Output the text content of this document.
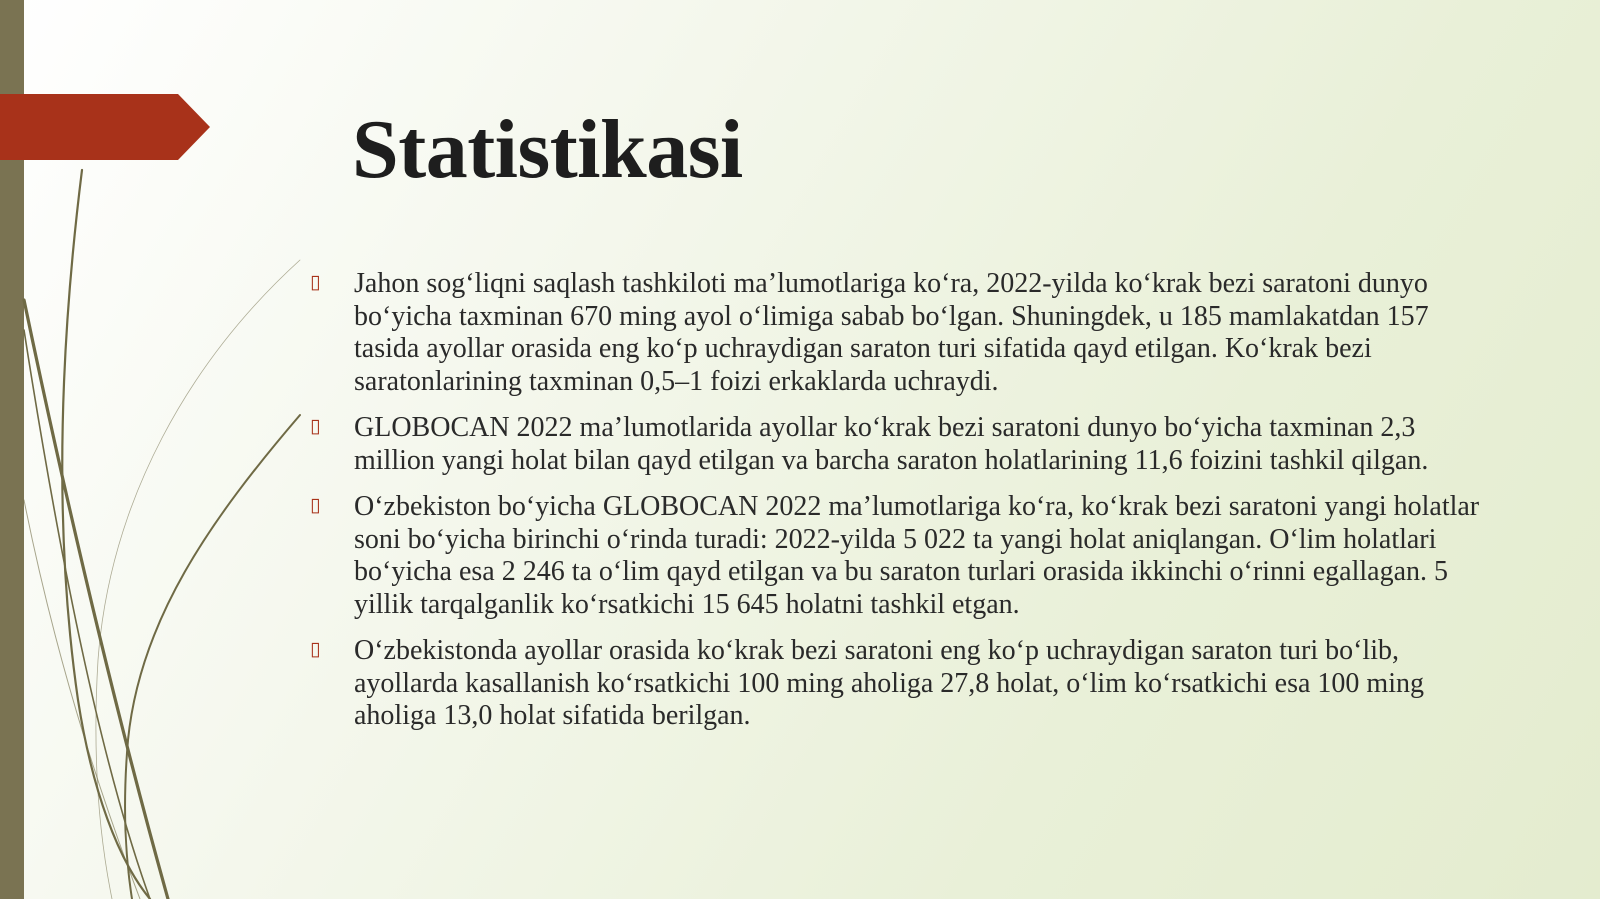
Statistikasi
▯ Jahon sog‘liqni saqlash tashkiloti ma’lumotlariga ko‘ra, 2022-yilda ko‘krak bezi saratoni dunyo bo‘yicha taxminan 670 ming ayol o‘limiga sabab bo‘lgan. Shuningdek, u 185 mamlakatdan 157 tasida ayollar orasida eng ko‘p uchraydigan saraton turi sifatida qayd etilgan. Ko‘krak bezi saratonlarining taxminan 0,5–1 foizi erkaklarda uchraydi.
▯ GLOBOCAN 2022 ma’lumotlarida ayollar ko‘krak bezi saratoni dunyo bo‘yicha taxminan 2,3 million yangi holat bilan qayd etilgan va barcha saraton holatlarining 11,6 foizini tashkil qilgan.
▯ O‘zbekiston bo‘yicha GLOBOCAN 2022 ma’lumotlariga ko‘ra, ko‘krak bezi saratoni yangi holatlar soni bo‘yicha birinchi o‘rinda turadi: 2022-yilda 5 022 ta yangi holat aniqlangan. O‘lim holatlari bo‘yicha esa 2 246 ta o‘lim qayd etilgan va bu saraton turlari orasida ikkinchi o‘rinni egallagan. 5 yillik tarqalganlik ko‘rsatkichi 15 645 holatni tashkil etgan.
▯ O‘zbekistonda ayollar orasida ko‘krak bezi saratoni eng ko‘p uchraydigan saraton turi bo‘lib, ayollarda kasallanish ko‘rsatkichi 100 ming aholiga 27,8 holat, o‘lim ko‘rsatkichi esa 100 ming aholiga 13,0 holat sifatida berilgan.
